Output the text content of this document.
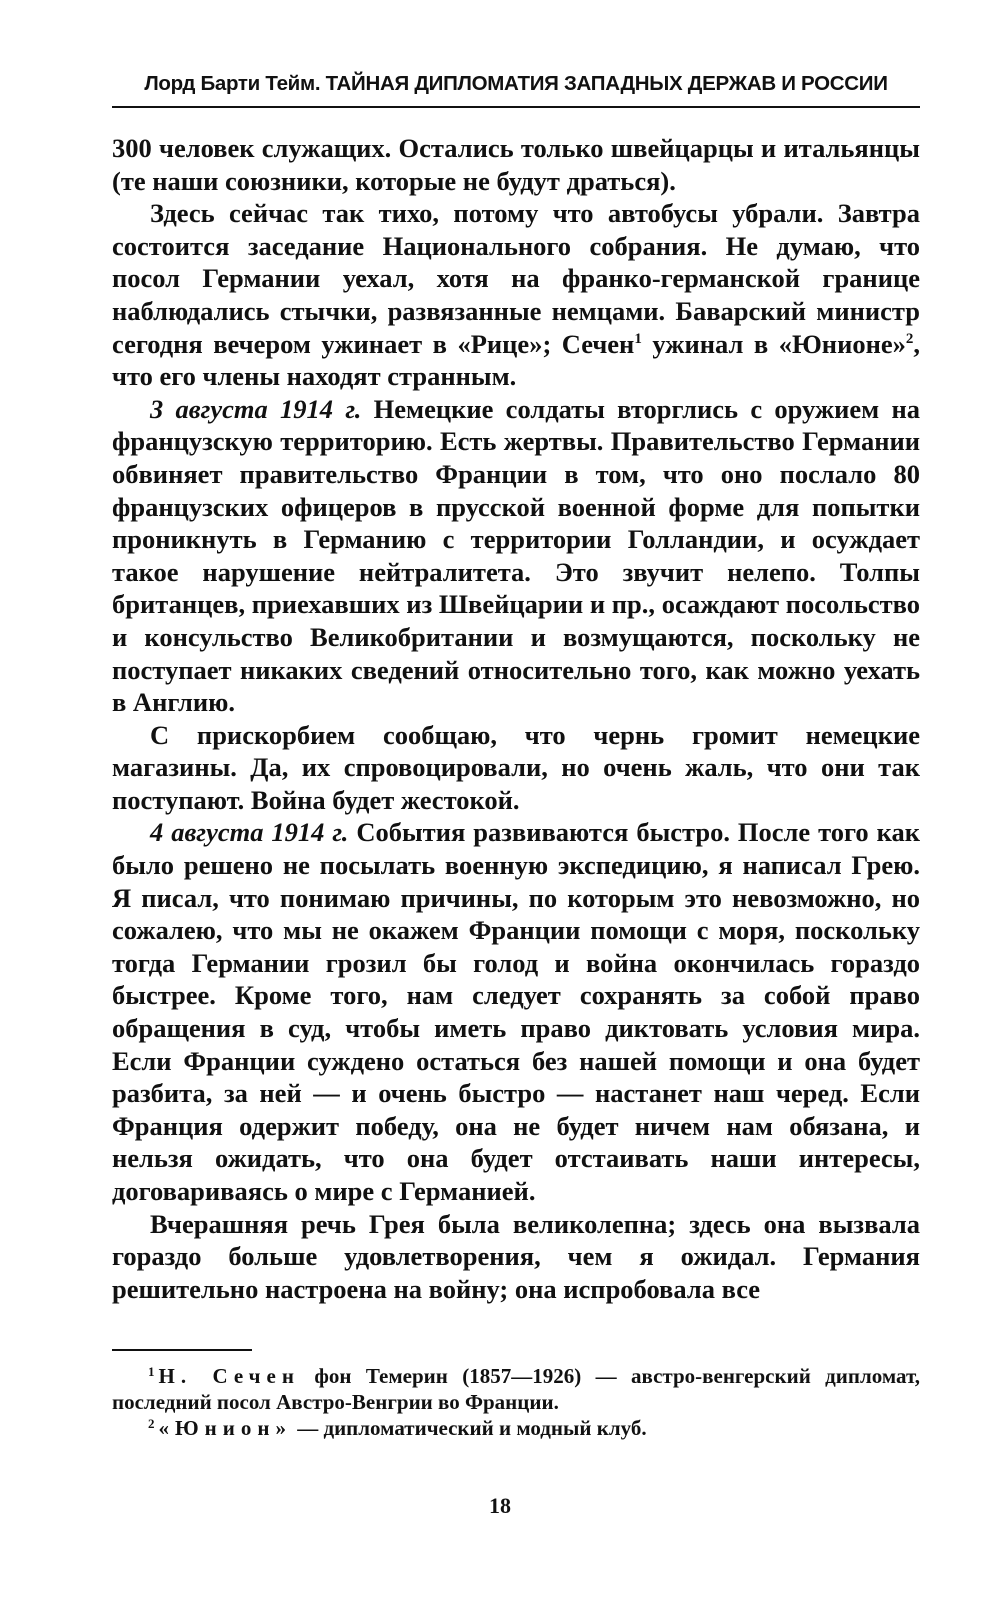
Лорд Барти Тейм. ТАЙНАЯ ДИПЛОМАТИЯ ЗАПАДНЫХ ДЕРЖАВ И РОССИИ

300 человек служащих. Остались только швейцарцы и итальянцы (те наши союзники, которые не будут драться).

Здесь сейчас так тихо, потому что автобусы убрали. Завтра состоится заседание Национального собрания. Не думаю, что посол Германии уехал, хотя на франко-германской границе наблюдались стычки, развязанные немцами. Баварский министр сегодня вечером ужинает в «Рице»; Сечен$^1$ ужинал в «Юнионе»$^2$, что его члены находят странным.

3 августа 1914 г. Немецкие солдаты вторглись с оружием на французскую территорию. Есть жертвы. Правительство Германии обвиняет правительство Франции в том, что оно послало 80 французских офицеров в прусской военной форме для попытки проникнуть в Германию с территории Голландии, и осуждает такое нарушение нейтралитета. Это звучит нелепо. Толпы британцев, приехавших из Швейцарии и пр., осаждают посольство и консульство Великобритании и возмущаются, поскольку не поступает никаких сведений относительно того, как можно уехать в Англию.

С прискорбием сообщаю, что чернь громит немецкие магазины. Да, их спровоцировали, но очень жаль, что они так поступают. Война будет жестокой.

4 августа 1914 г. События развиваются быстро. После того как было решено не посылать военную экспедицию, я написал Грею. Я писал, что понимаю причины, по которым это невозможно, но сожалею, что мы не окажем Франции помощи с моря, поскольку тогда Германии грозил бы голод и война окончилась гораздо быстрее. Кроме того, нам следует сохранять за собой право обращения в суд, чтобы иметь право диктовать условия мира. Если Франции суждено остаться без нашей помощи и она будет разбита, за ней — и очень быстро — настанет наш черед. Если Франция одержит победу, она не будет ничем нам обязана, и нельзя ожидать, что она будет отстаивать наши интересы, договариваясь о мире с Германией.

Вчерашняя речь Грея была великолепна; здесь она вызвала гораздо больше удовлетворения, чем я ожидал. Германия решительно настроена на войну; она испробовала все

$^1$ Н. Сечен фон Темерин (1857—1926) — австро-венгерский дипломат, последний посол Австро-Венгрии во Франции.

$^2$ «Юнион» — дипломатический и модный клуб.

18
